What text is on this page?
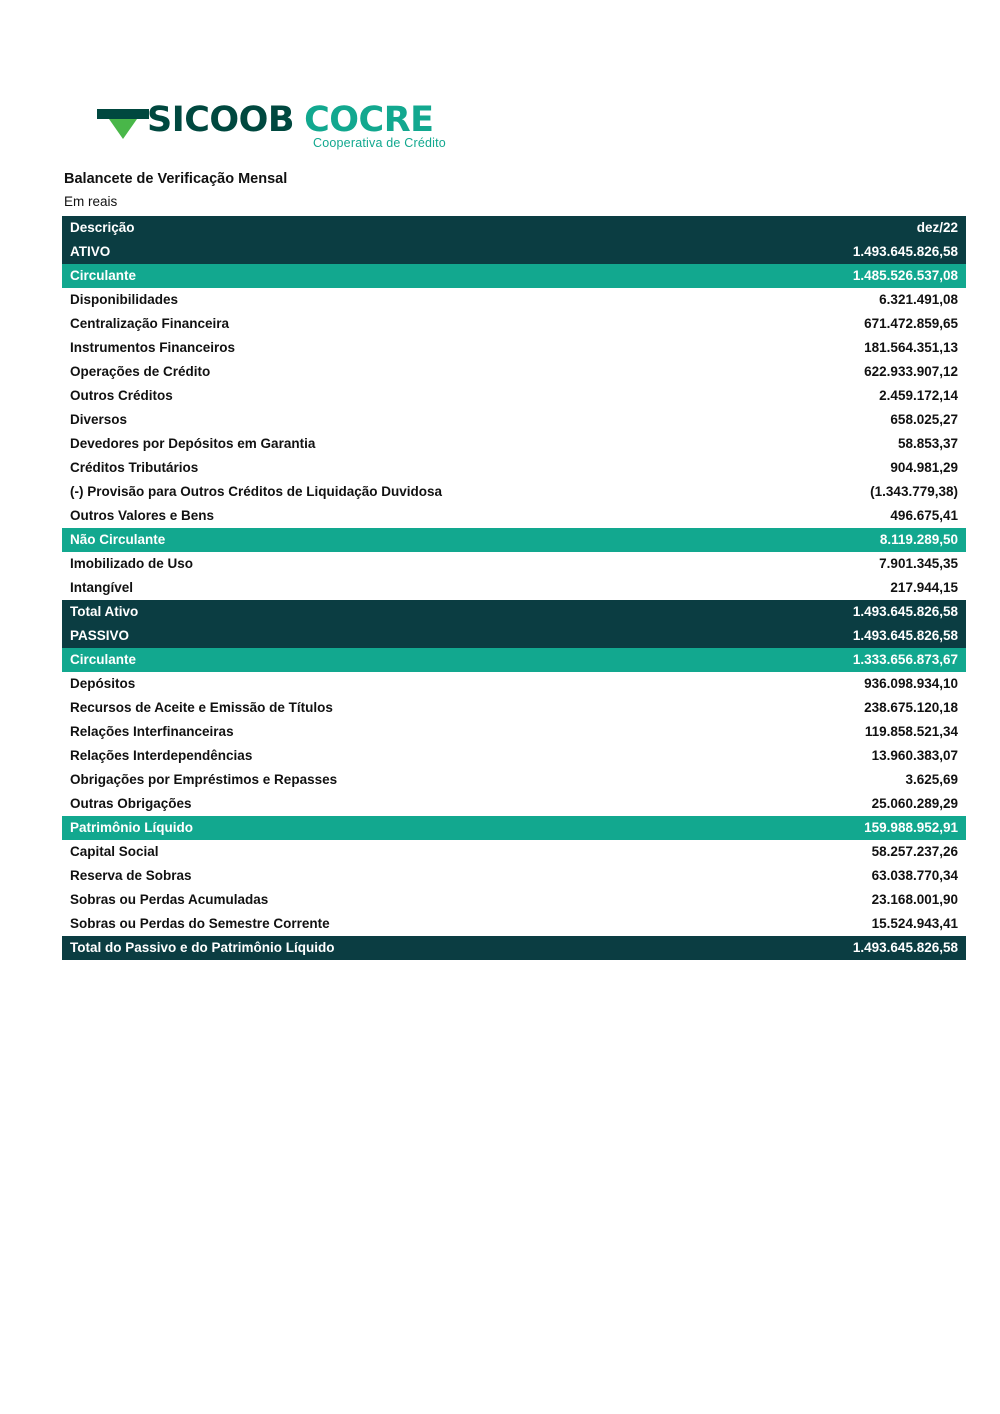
SICOOB COCRE
Cooperativa de Crédito
Balancete de Verificação Mensal
Em reais
Descrição	dez/22
ATIVO	1.493.645.826,58
Circulante	1.485.526.537,08
Disponibilidades	6.321.491,08
Centralização Financeira	671.472.859,65
Instrumentos Financeiros	181.564.351,13
Operações de Crédito	622.933.907,12
Outros Créditos	2.459.172,14
Diversos	658.025,27
Devedores por Depósitos em Garantia	58.853,37
Créditos Tributários	904.981,29
(-) Provisão para Outros Créditos de Liquidação Duvidosa	(1.343.779,38)
Outros Valores e Bens	496.675,41
Não Circulante	8.119.289,50
Imobilizado de Uso	7.901.345,35
Intangível	217.944,15
Total Ativo	1.493.645.826,58
PASSIVO	1.493.645.826,58
Circulante	1.333.656.873,67
Depósitos	936.098.934,10
Recursos de Aceite e Emissão de Títulos	238.675.120,18
Relações Interfinanceiras	119.858.521,34
Relações Interdependências	13.960.383,07
Obrigações por Empréstimos e Repasses	3.625,69
Outras Obrigações	25.060.289,29
Patrimônio Líquido	159.988.952,91
Capital Social	58.257.237,26
Reserva de Sobras	63.038.770,34
Sobras ou Perdas Acumuladas	23.168.001,90
Sobras ou Perdas do Semestre Corrente	15.524.943,41
Total do Passivo e do Patrimônio Líquido	1.493.645.826,58
